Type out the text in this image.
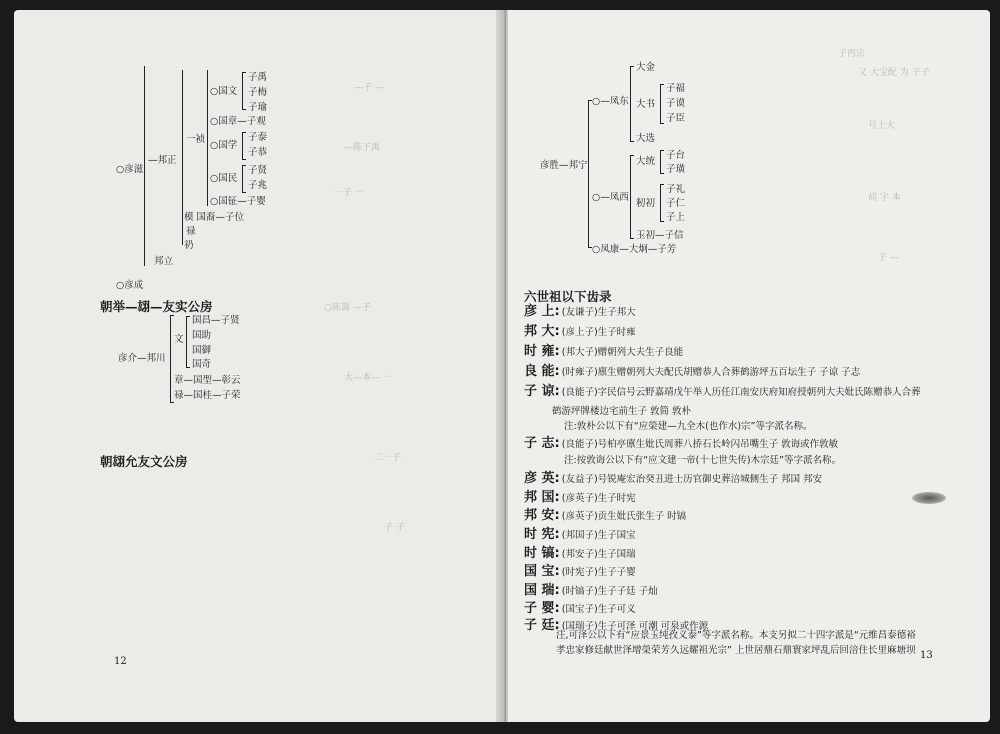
—子 —
—陈子禹
一子 一
○陈蔼 —子
大—本— 一
二一子
子 子
○彦滋
—邦正
邦立
一祯
○国文
子禹
子梅
子瑜
○国章—子观
○国学
子泰
子恭
○国民
子贤
子兆
○国钲—子婴
模 国裔—子位
禄
礽
○彦成
朝举—翃—友实公房
彦介—邦川
文
国昌—子贤
国助
国御
国奇
章—国型—彰云
禄—国桂—子荣
朝翃允友文公房
12
子丙宗
又 大宝配 为 子子
号上大
胡 字 本
子 —
彦胜—邦宁
○—凤东
○—凤西
○凤康—大炯—子芳
大金
大书
子福
子谟
子臣
大选
大统
子台
子璜
籾初
子礼
子仁
子上
玉初—子信
六世祖以下齿录
彦 上: (友谦子)生子邦大
邦 大: (彦上子)生子时雍
时 雍: (邦大子)赠朝列大夫生子良能
良 能: (时雍子)廪生赠朝列大夫配氏胡赠恭人合葬鹤游坪五百坛生子 子谅 子志
子 谅: (良能子)字民信号云野嘉靖戊午举人历任江南安庆府知府授朝列大夫妣氏陈赠恭人合葬
鹤游坪牌楼边宅前生子 敦简 敦朴
注:敦朴公以下有“应榮建—九全木(也作水)宗”等字派名称。
子 志: (良能子)号柏亭廪生妣氏周葬八挢石长岭闪吊嘴生子 敦诲或作敦敏
注:按敦诲公以下有“应文建一帝(十七世失传)木宗廷”等字派名称。
彦 英: (友益子)号锐庵宏治癸丑进士历官御史葬涪城侧生子 邦国 邦安
邦 国: (彦英子)生子时宪
邦 安: (彦英子)贡生妣氏张生子 时镐
时 宪: (邦国子)生子国宝
时 镐: (邦安子)生子国瑞
国 宝: (时宪子)生子子婴
国 瑞: (时镐子)生子子廷 子灿
子 婴: (国宝子)生子可义
子 廷: (国瑞子)生子可泽 可潮 可泉或作源
注,可泽公以下有“应景玉纯孜义泰”等字派名称。本支另拟二十四字派是“元维昌泰德裕
孝忠家修廷献世泽增榮荣芳久远耀祖光宗” 上世居鼎石鼎寰家坪乱后回涪住长里麻塘坝 13
